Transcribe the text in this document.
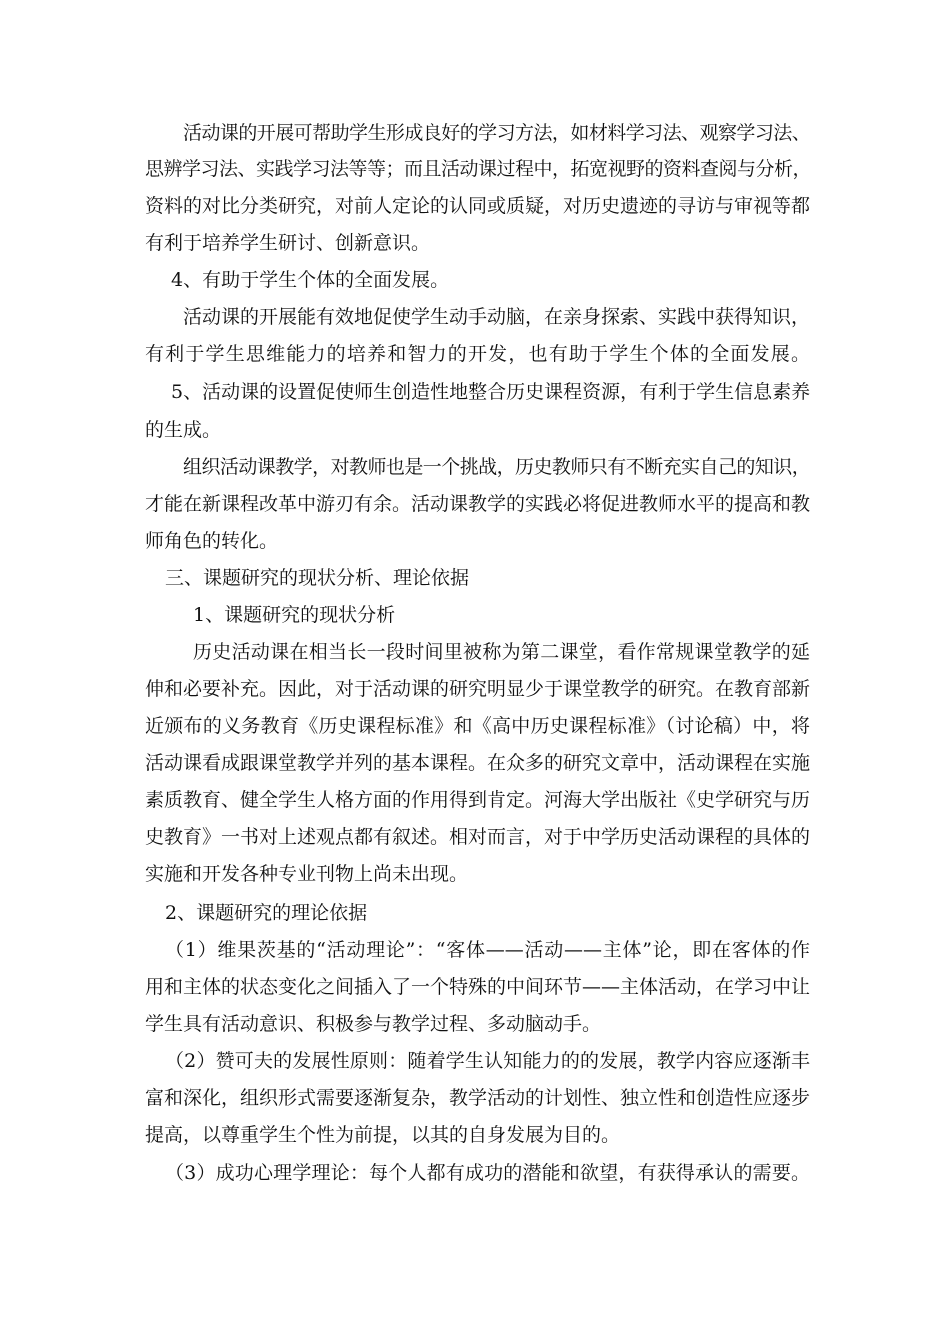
活动课的开展可帮助学生形成良好的学习方法，如材料学习法、观察学习法、
思辨学习法、实践学习法等等；而且活动课过程中，拓宽视野的资料查阅与分析，
资料的对比分类研究，对前人定论的认同或质疑，对历史遗迹的寻访与审视等都
有利于培养学生研讨、创新意识。
4、有助于学生个体的全面发展。
活动课的开展能有效地促使学生动手动脑，在亲身探索、实践中获得知识，
有利于学生思维能力的培养和智力的开发，也有助于学生个体的全面发展。
5、活动课的设置促使师生创造性地整合历史课程资源，有利于学生信息素养
的生成。
组织活动课教学，对教师也是一个挑战，历史教师只有不断充实自己的知识，
才能在新课程改革中游刃有余。活动课教学的实践必将促进教师水平的提高和教
师角色的转化。
三、课题研究的现状分析、理论依据
1、课题研究的现状分析
历史活动课在相当长一段时间里被称为第二课堂，看作常规课堂教学的延
伸和必要补充。因此，对于活动课的研究明显少于课堂教学的研究。在教育部新
近颁布的义务教育《历史课程标准》和《高中历史课程标准》（讨论稿）中，将
活动课看成跟课堂教学并列的基本课程。在众多的研究文章中，活动课程在实施
素质教育、健全学生人格方面的作用得到肯定。河海大学出版社《史学研究与历
史教育》一书对上述观点都有叙述。相对而言，对于中学历史活动课程的具体的
实施和开发各种专业刊物上尚未出现。
2、课题研究的理论依据
（1）维果茨基的“活动理论”：“客体——活动——主体”论，即在客体的作
用和主体的状态变化之间插入了一个特殊的中间环节——主体活动，在学习中让
学生具有活动意识、积极参与教学过程、多动脑动手。
（2）赞可夫的发展性原则：随着学生认知能力的的发展，教学内容应逐渐丰
富和深化，组织形式需要逐渐复杂，教学活动的计划性、独立性和创造性应逐步
提高，以尊重学生个性为前提，以其的自身发展为目的。
（3）成功心理学理论：每个人都有成功的潜能和欲望，有获得承认的需要。
